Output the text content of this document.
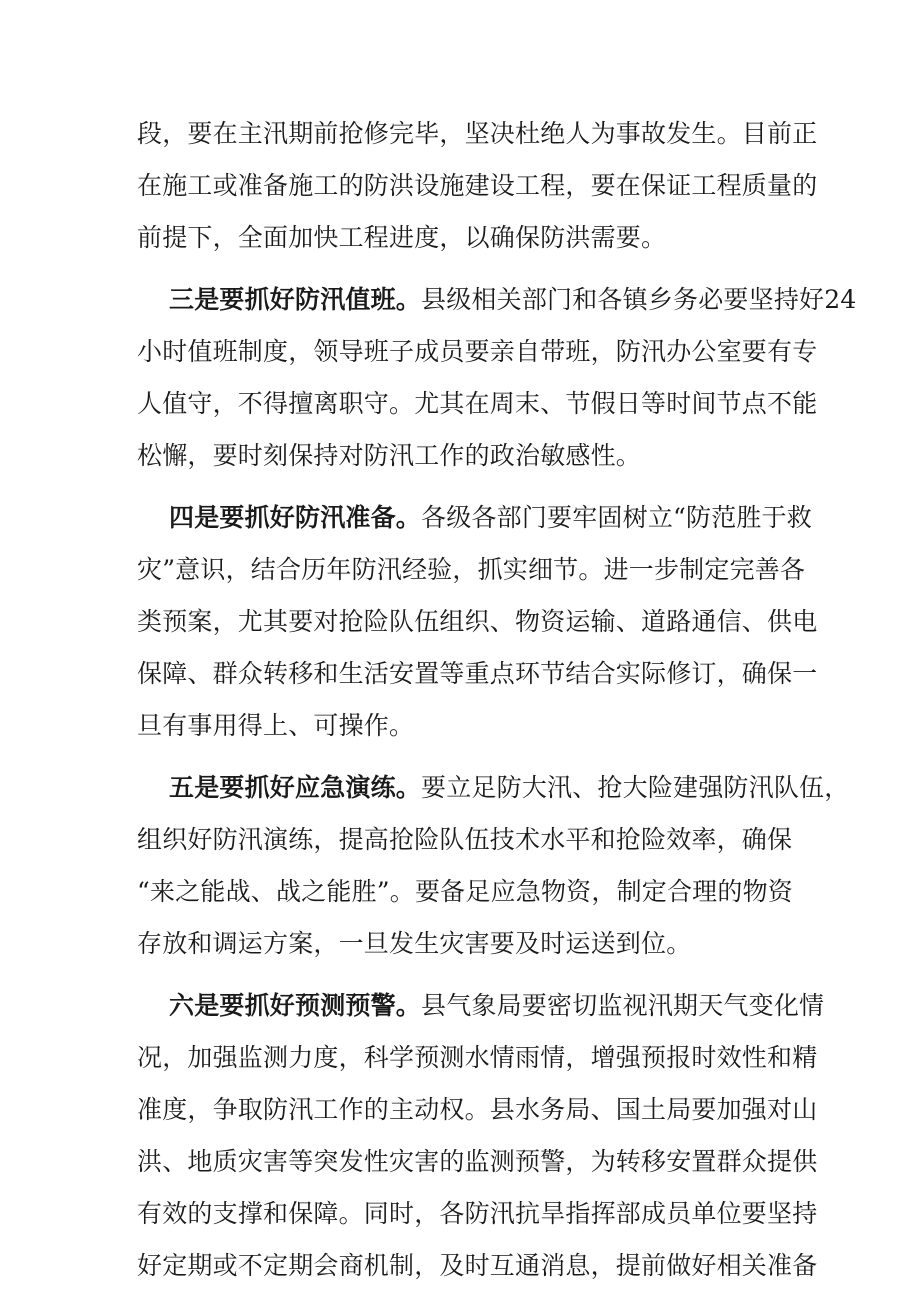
段，要在主汛期前抢修完毕，坚决杜绝人为事故发生。目前正
在施工或准备施工的防洪设施建设工程，要在保证工程质量的
前提下，全面加快工程进度，以确保防洪需要。
三是要抓好防汛值班。县级相关部门和各镇乡务必要坚持好24
小时值班制度，领导班子成员要亲自带班，防汛办公室要有专
人值守，不得擅离职守。尤其在周末、节假日等时间节点不能
松懈，要时刻保持对防汛工作的政治敏感性。
四是要抓好防汛准备。各级各部门要牢固树立“防范胜于救
灾”意识，结合历年防汛经验，抓实细节。进一步制定完善各
类预案，尤其要对抢险队伍组织、物资运输、道路通信、供电
保障、群众转移和生活安置等重点环节结合实际修订，确保一
旦有事用得上、可操作。
五是要抓好应急演练。要立足防大汛、抢大险建强防汛队伍，
组织好防汛演练，提高抢险队伍技术水平和抢险效率，确保
“来之能战、战之能胜”。要备足应急物资，制定合理的物资
存放和调运方案，一旦发生灾害要及时运送到位。
六是要抓好预测预警。县气象局要密切监视汛期天气变化情
况，加强监测力度，科学预测水情雨情，增强预报时效性和精
准度，争取防汛工作的主动权。县水务局、国土局要加强对山
洪、地质灾害等突发性灾害的监测预警，为转移安置群众提供
有效的支撑和保障。同时，各防汛抗旱指挥部成员单位要坚持
好定期或不定期会商机制，及时互通消息，提前做好相关准备
